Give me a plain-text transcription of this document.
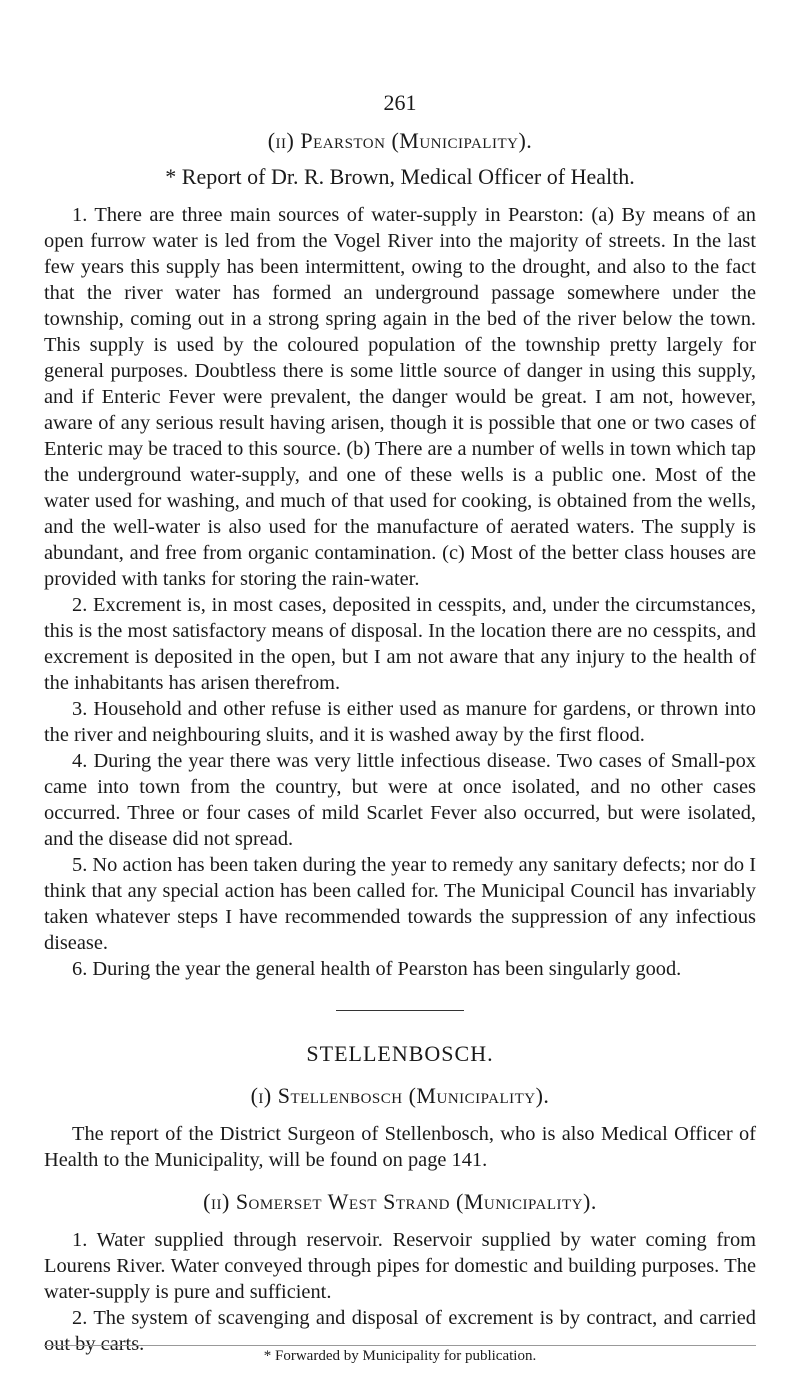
261
(ii) Pearston (Municipality).
* Report of Dr. R. Brown, Medical Officer of Health.

1. There are three main sources of water-supply in Pearston: (a) By means of an open furrow water is led from the Vogel River into the majority of streets. In the last few years this supply has been intermittent, owing to the drought, and also to the fact that the river water has formed an underground passage somewhere under the township, coming out in a strong spring again in the bed of the river below the town. This supply is used by the coloured population of the township pretty largely for general purposes. Doubtless there is some little source of danger in using this supply, and if Enteric Fever were prevalent, the danger would be great. I am not, however, aware of any serious result having arisen, though it is possible that one or two cases of Enteric may be traced to this source. (b) There are a number of wells in town which tap the underground water-supply, and one of these wells is a public one. Most of the water used for washing, and much of that used for cooking, is obtained from the wells, and the well-water is also used for the manufacture of aerated waters. The supply is abundant, and free from organic contamination. (c) Most of the better class houses are provided with tanks for storing the rain-water.

2. Excrement is, in most cases, deposited in cesspits, and, under the circumstances, this is the most satisfactory means of disposal. In the location there are no cesspits, and excrement is deposited in the open, but I am not aware that any injury to the health of the inhabitants has arisen therefrom.

3. Household and other refuse is either used as manure for gardens, or thrown into the river and neighbouring sluits, and it is washed away by the first flood.

4. During the year there was very little infectious disease. Two cases of Small-pox came into town from the country, but were at once isolated, and no other cases occurred. Three or four cases of mild Scarlet Fever also occurred, but were isolated, and the disease did not spread.

5. No action has been taken during the year to remedy any sanitary defects; nor do I think that any special action has been called for. The Municipal Council has invariably taken whatever steps I have recommended towards the suppression of any infectious disease.

6. During the year the general health of Pearston has been singularly good.

STELLENBOSCH.
(i) Stellenbosch (Municipality).

The report of the District Surgeon of Stellenbosch, who is also Medical Officer of Health to the Municipality, will be found on page 141.

(ii) Somerset West Strand (Municipality).

1. Water supplied through reservoir. Reservoir supplied by water coming from Lourens River. Water conveyed through pipes for domestic and building purposes. The water-supply is pure and sufficient.

2. The system of scavenging and disposal of excrement is by contract, and carried out by carts.

* Forwarded by Municipality for publication.
